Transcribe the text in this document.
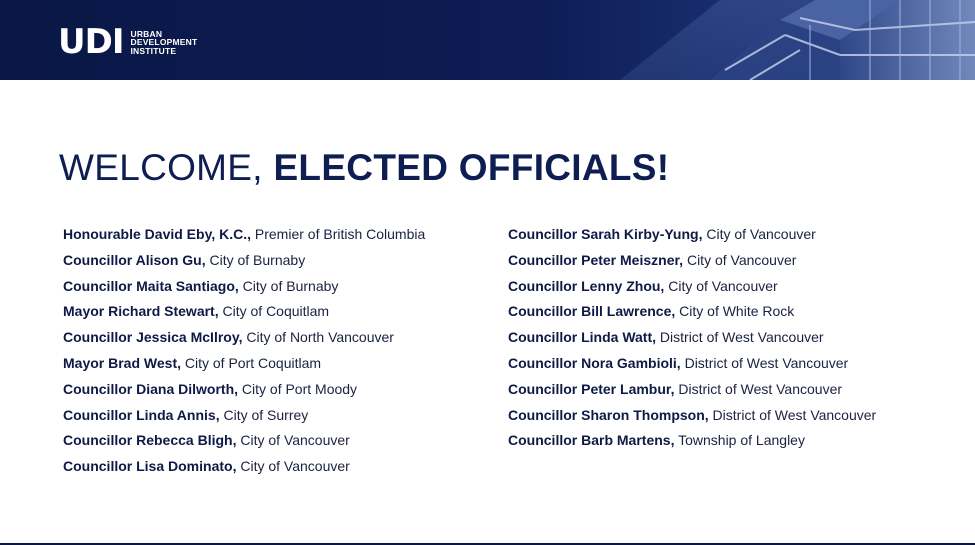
UDI URBAN
DEVELOPMENT
INSTITUTE
WELCOME, ELECTED OFFICIALS!
Honourable David Eby, K.C., Premier of British Columbia
Councillor Alison Gu, City of Burnaby
Councillor Maita Santiago, City of Burnaby
Mayor Richard Stewart, City of Coquitlam
Councillor Jessica McIlroy, City of North Vancouver
Mayor Brad West, City of Port Coquitlam
Councillor Diana Dilworth, City of Port Moody
Councillor Linda Annis, City of Surrey
Councillor Rebecca Bligh, City of Vancouver
Councillor Lisa Dominato, City of Vancouver
Councillor Sarah Kirby-Yung, City of Vancouver
Councillor Peter Meiszner, City of Vancouver
Councillor Lenny Zhou, City of Vancouver
Councillor Bill Lawrence, City of White Rock
Councillor Linda Watt, District of West Vancouver
Councillor Nora Gambioli, District of West Vancouver
Councillor Peter Lambur, District of West Vancouver
Councillor Sharon Thompson, District of West Vancouver
Councillor Barb Martens, Township of Langley
